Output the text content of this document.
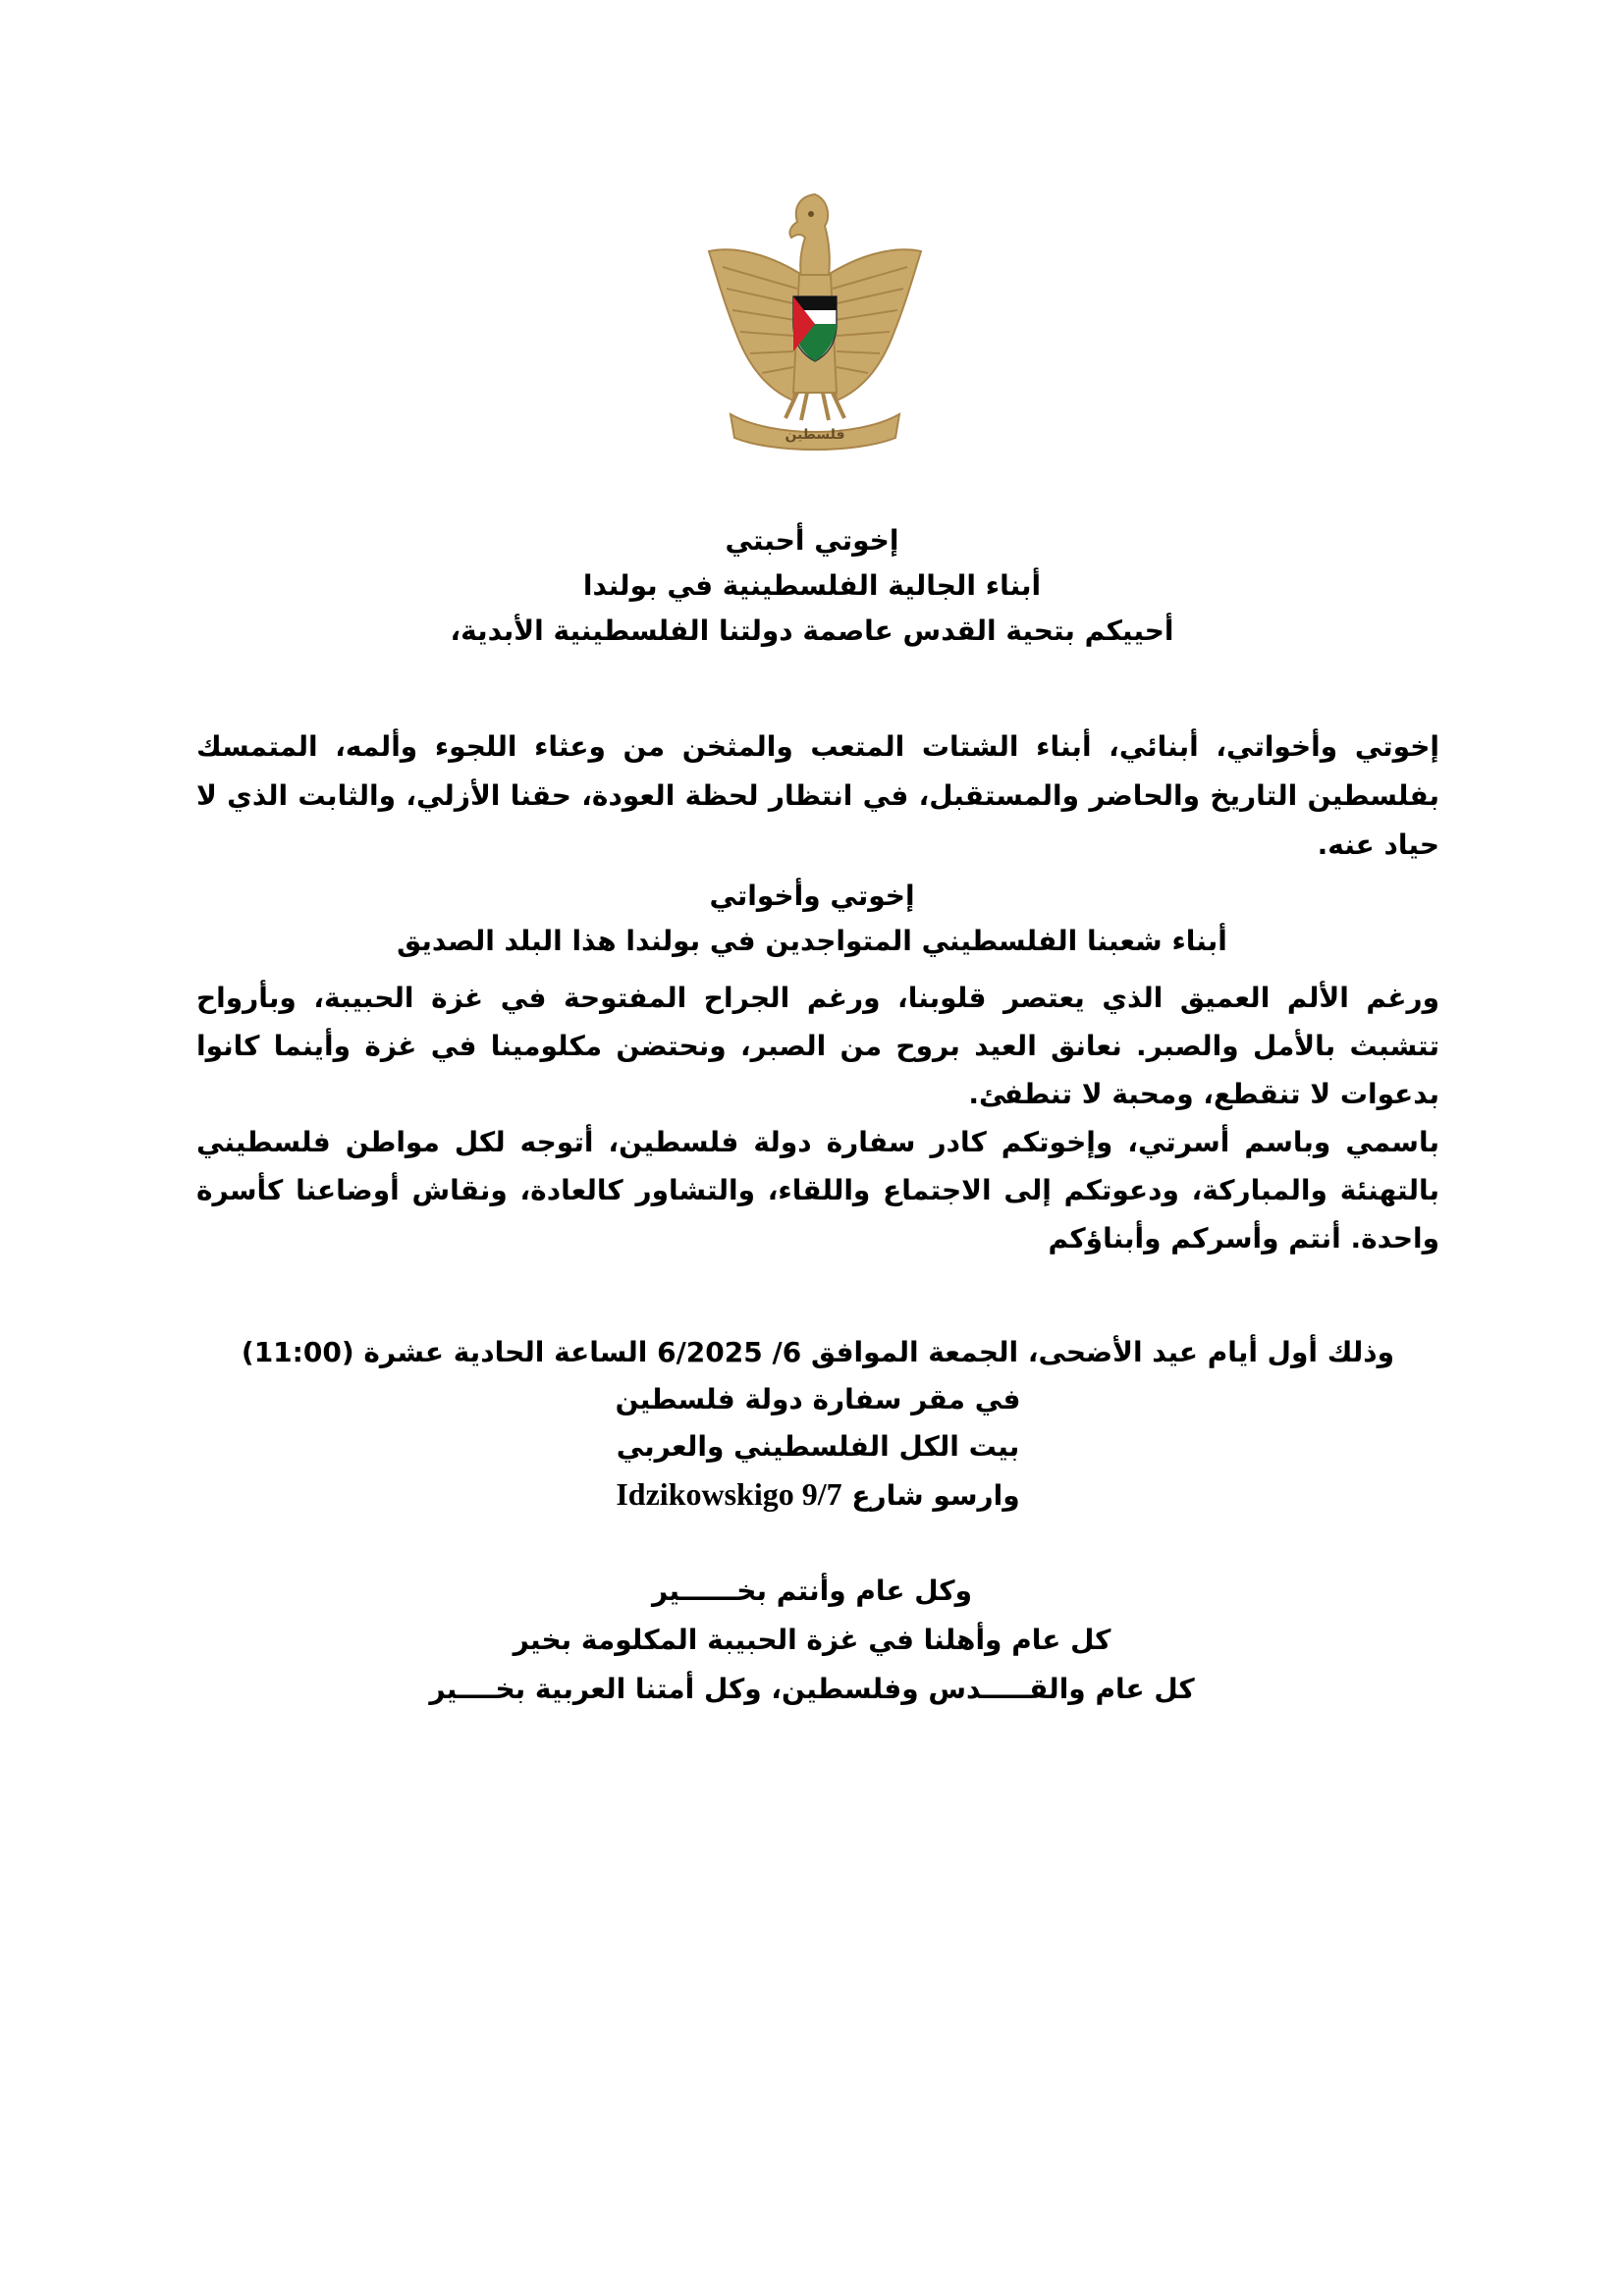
فلسطين
إخوتي أحبتي
أبناء الجالية الفلسطينية في بولندا
أحييكم بتحية القدس عاصمة دولتنا الفلسطينية الأبدية،
إخوتي وأخواتي، أبنائي، أبناء الشتات المتعب والمثخن من وعثاء اللجوء وألمه، المتمسك بفلسطين التاريخ والحاضر والمستقبل، في انتظار لحظة العودة، حقنا الأزلي، والثابت الذي لا حياد عنه.
إخوتي وأخواتي
أبناء شعبنا الفلسطيني المتواجدين في بولندا هذا البلد الصديق
ورغم الألم العميق الذي يعتصر قلوبنا، ورغم الجراح المفتوحة في غزة الحبيبة، وبأرواح تتشبث بالأمل والصبر. نعانق العيد بروح من الصبر، ونحتضن مكلومينا في غزة وأينما كانوا بدعوات لا تنقطع، ومحبة لا تنطفئ.
باسمي وباسم أسرتي، وإخوتكم كادر سفارة دولة فلسطين، أتوجه لكل مواطن فلسطيني بالتهنئة والمباركة، ودعوتكم إلى الاجتماع واللقاء، والتشاور كالعادة، ونقاش أوضاعنا كأسرة واحدة. أنتم وأسركم وأبناؤكم
وذلك أول أيام عيد الأضحى، الجمعة الموافق 6/ 6/2025 الساعة الحادية عشرة (11:00)
في مقر سفارة دولة فلسطين
بيت الكل الفلسطيني والعربي
وارسو شارع Idzikowskigo 9/7
وكل عام وأنتم بخــــــير
كل عام وأهلنا في غزة الحبيبة المكلومة بخير
كل عام والقـــــدس وفلسطين، وكل أمتنا العربية بخــــير
